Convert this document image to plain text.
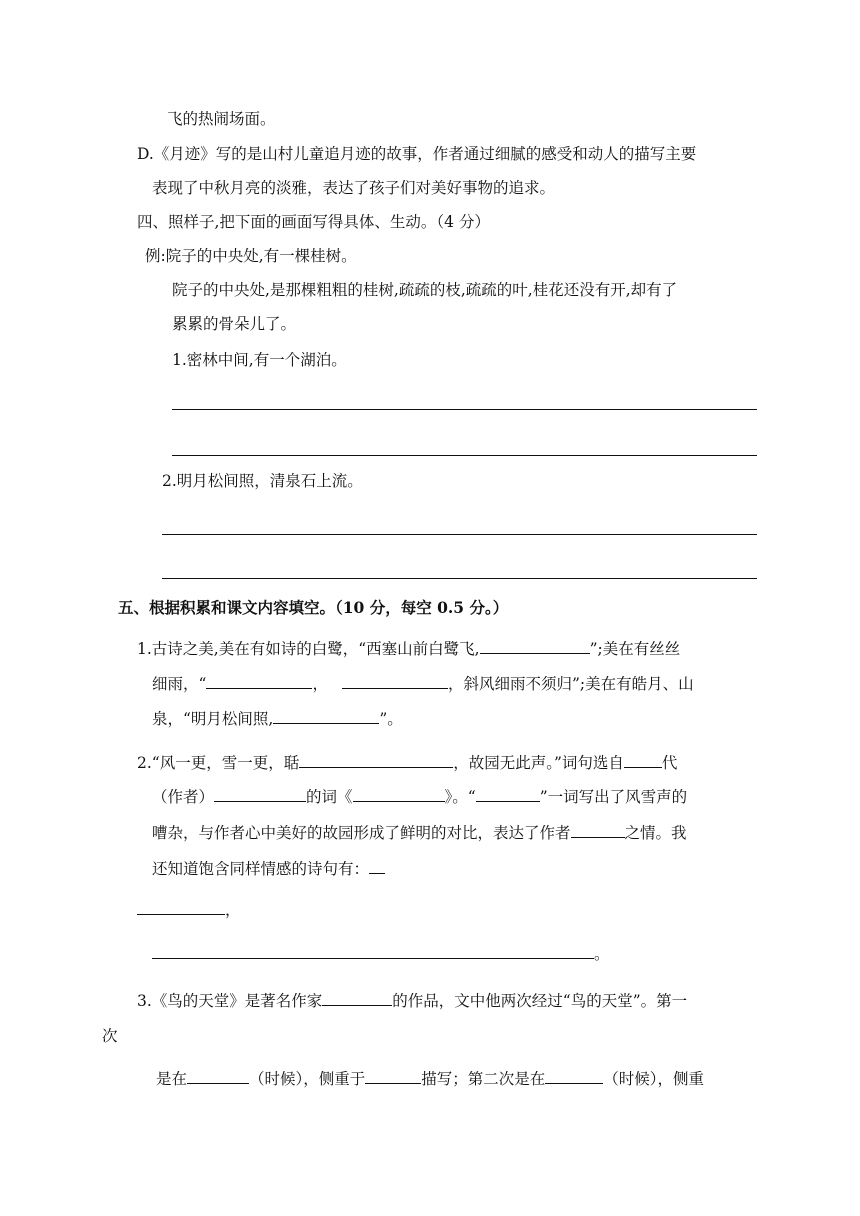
飞的热闹场面。
D.《月迹》写的是山村儿童追月迹的故事，作者通过细腻的感受和动人的描写主要
表现了中秋月亮的淡雅，表达了孩子们对美好事物的追求。
四、照样子,把下面的画面写得具体、生动。（4 分）
例:院子的中央处,有一棵桂树。
院子的中央处,是那棵粗粗的桂树,疏疏的枝,疏疏的叶,桂花还没有开,却有了
累累的骨朵儿了。
1.密林中间,有一个湖泊。
2.明月松间照，清泉石上流。
五、根据积累和课文内容填空。（10 分，每空 0.5 分。）
1.古诗之美,美在有如诗的白鹭，“西塞山前白鹭飞,	”;美在有丝丝
细雨，“	，	，斜风细雨不须归”;美在有皓月、山
泉，“明月松间照,	”。
2.“风一更，雪一更，聒	，故园无此声。”词句选自 代
（作者）	的词《	》。“	”一词写出了风雪声的
嘈杂，与作者心中美好的故园形成了鲜明的对比，表达了作者	之情。我
还知道饱含同样情感的诗句有：
，
。
3.《鸟的天堂》是著名作家	的作品，文中他两次经过“鸟的天堂”。第一
次
是在	（时候），侧重于	描写；第二次是在	（时候），侧重
